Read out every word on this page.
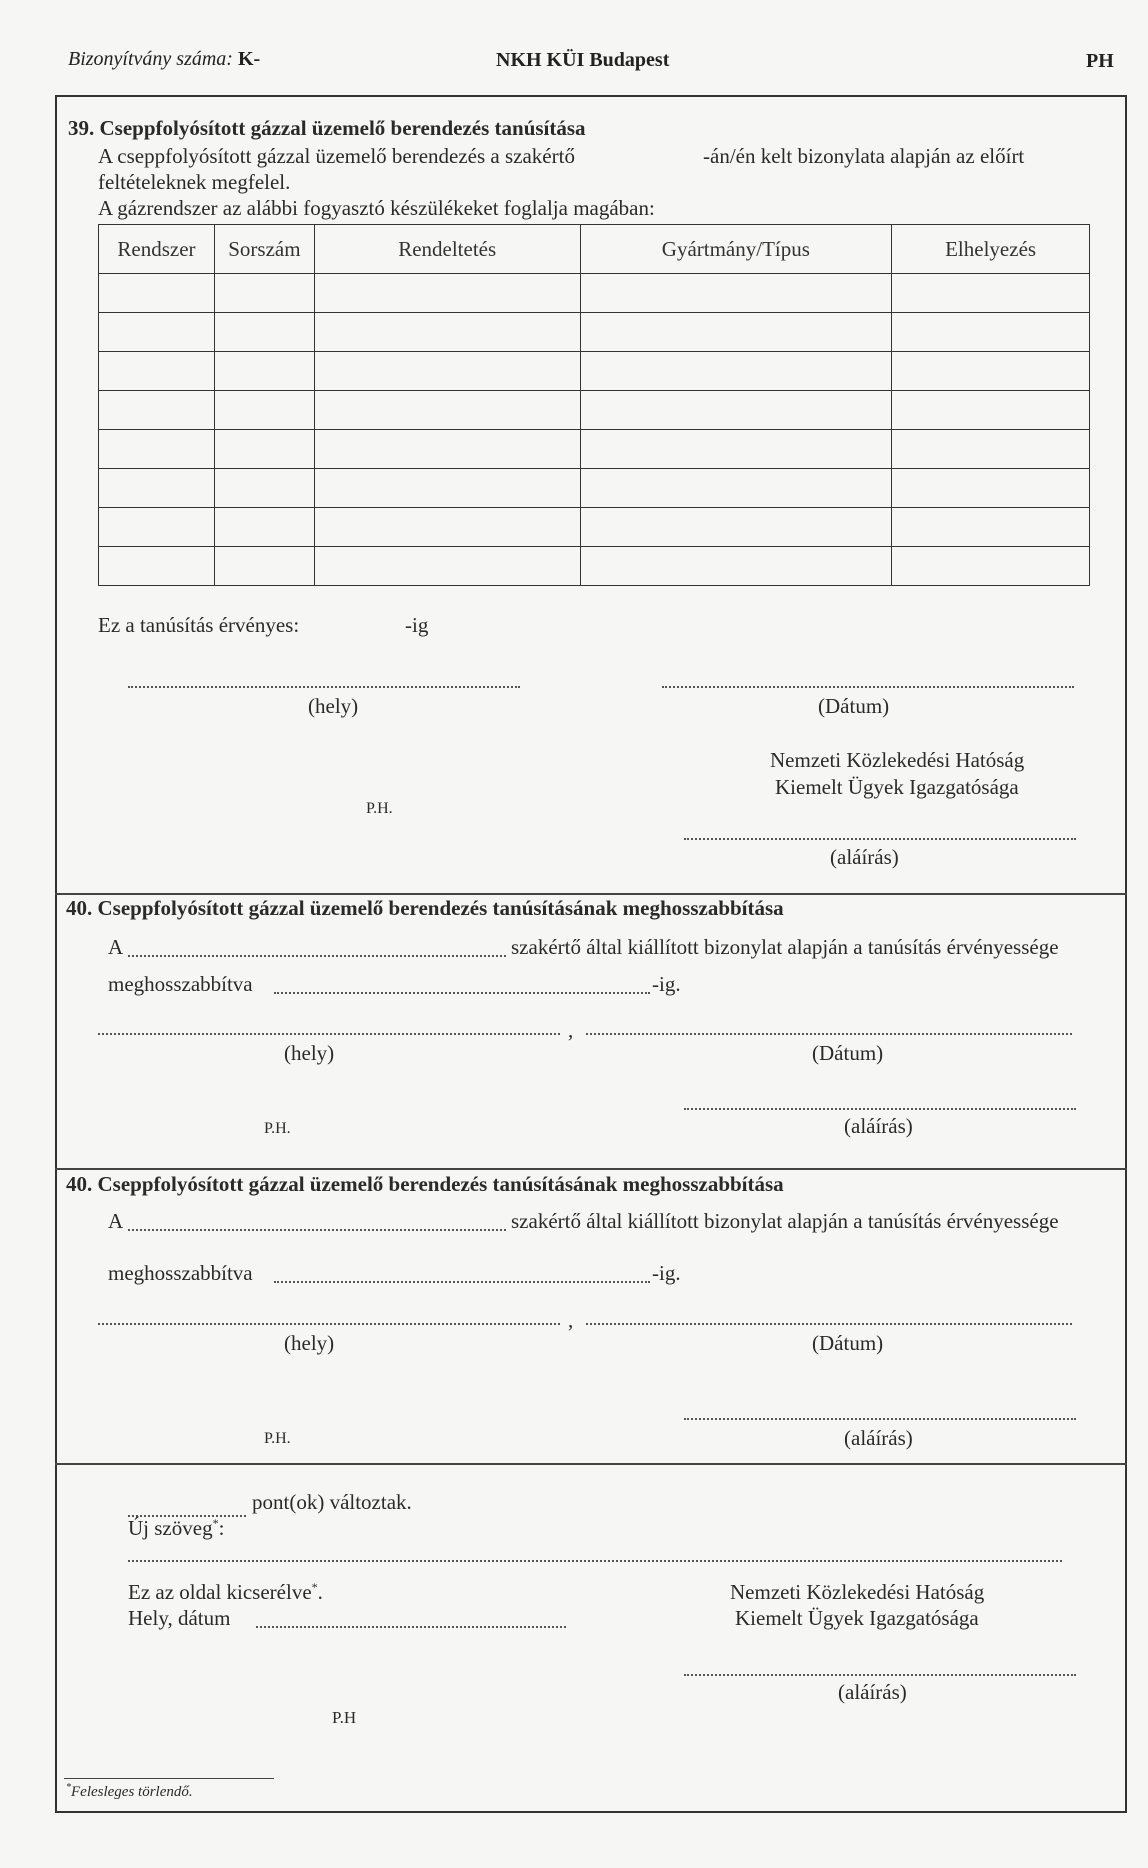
Bizonyítvány száma: K-	NKH KÜI Budapest	PH
39. Cseppfolyósított gázzal üzemelő berendezés tanúsítása
A cseppfolyósított gázzal üzemelő berendezés a szakértő	-án/én kelt bizonylata alapján az előírt
feltételeknek megfelel.
A gázrendszer az alábbi fogyasztó készülékeket foglalja magában:
Rendszer	Sorszám	Rendeltetés	Gyártmány/Típus	Elhelyezés

Ez a tanúsítás érvényes:	-ig
(hely)	(Dátum)
Nemzeti Közlekedési Hatóság
Kiemelt Ügyek Igazgatósága
P.H.
(aláírás)
40. Cseppfolyósított gázzal üzemelő berendezés tanúsításának meghosszabbítása
A	szakértő által kiállított bizonylat alapján a tanúsítás érvényessége
meghosszabbítva	-ig.
,
(hely)	(Dátum)
P.H.	(aláírás)
40. Cseppfolyósított gázzal üzemelő berendezés tanúsításának meghosszabbítása
A	szakértő által kiállított bizonylat alapján a tanúsítás érvényessége
meghosszabbítva	-ig.
,
(hely)	(Dátum)
P.H.	(aláírás)
pont(ok) változtak.
Új szöveg*:
Ez az oldal kicserélve*.
Hely, dátum
Nemzeti Közlekedési Hatóság
Kiemelt Ügyek Igazgatósága
(aláírás)
P.H
*Felesleges törlendő.
